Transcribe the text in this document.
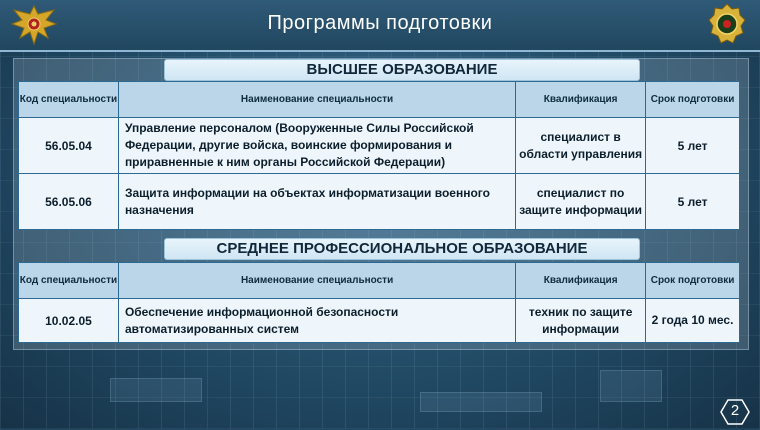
Программы подготовки
ВЫСШЕЕ ОБРАЗОВАНИЕ
Код специальности	Наименование специальности	Квалификация	Срок подготовки
56.05.04	Управление персоналом (Вооруженные Силы Российской Федерации, другие войска, воинские формирования и приравненные к ним органы Российской Федерации)	специалист в области управления	5 лет
56.05.06	Защита информации на объектах информатизации военного назначения	специалист по защите информации	5 лет
СРЕДНЕЕ ПРОФЕССИОНАЛЬНОЕ ОБРАЗОВАНИЕ
Код специальности	Наименование специальности	Квалификация	Срок подготовки
10.02.05	Обеспечение информационной безопасности автоматизированных систем	техник по защите информации	2 года 10 мес.
2
